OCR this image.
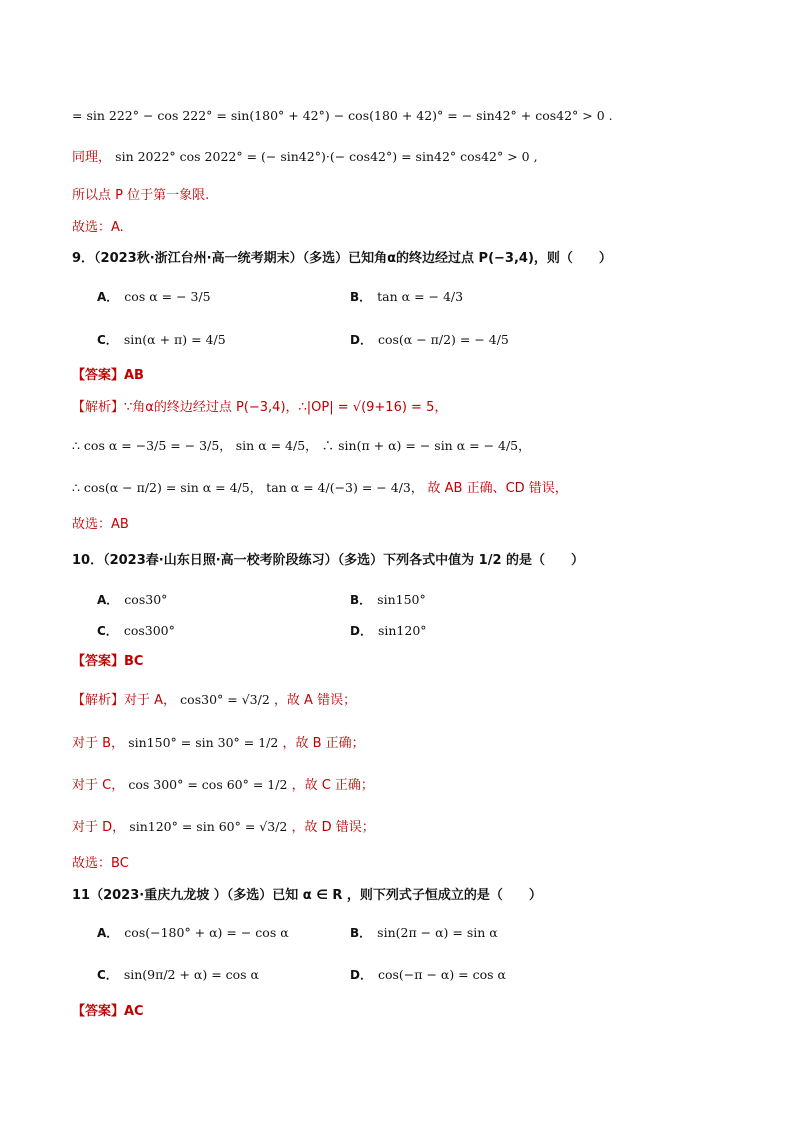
= sin 222° − cos 222° = sin(180° + 42°) − cos(180 + 42)° = − sin42° + cos42° > 0 .
同理， sin 2022° cos 2022° = (− sin42°)·(− cos42°) = sin42° cos42° > 0 ,
所以点 P 位于第一象限.
故选：A.
9．（2023秋·浙江台州·高一统考期末）（多选）已知角α的终边经过点 P(−3,4)，则（　　）
A． cos α = − 3/5	B． tan α = − 4/3
C． sin(α + π) = 4/5	D． cos(α − π/2) = − 4/5
【答案】AB
【解析】∵角α的终边经过点 P(−3,4)，∴|OP| = √(9+16) = 5，
∴ cos α = −3/5 = − 3/5， sin α = 4/5， ∴ sin(π + α) = − sin α = − 4/5，
∴ cos(α − π/2) = sin α = 4/5， tan α = 4/(−3) = − 4/3， 故 AB 正确、CD 错误，
故选：AB
10．（2023春·山东日照·高一校考阶段练习）（多选）下列各式中值为 1/2 的是（　　）
A． cos30°	B． sin150°
C． cos300°	D． sin120°
【答案】BC
【解析】对于 A， cos30° = √3/2 ，故 A 错误；
对于 B， sin150° = sin 30° = 1/2 ，故 B 正确；
对于 C， cos 300° = cos 60° = 1/2 ，故 C 正确；
对于 D， sin120° = sin 60° = √3/2 ，故 D 错误；
故选：BC
11（2023·重庆九龙坡 ）（多选）已知 α ∈ R ，则下列式子恒成立的是（　　）
A． cos(−180° + α) = − cos α	B． sin(2π − α) = sin α
C． sin(9π/2 + α) = cos α	D． cos(−π − α) = cos α
【答案】AC
